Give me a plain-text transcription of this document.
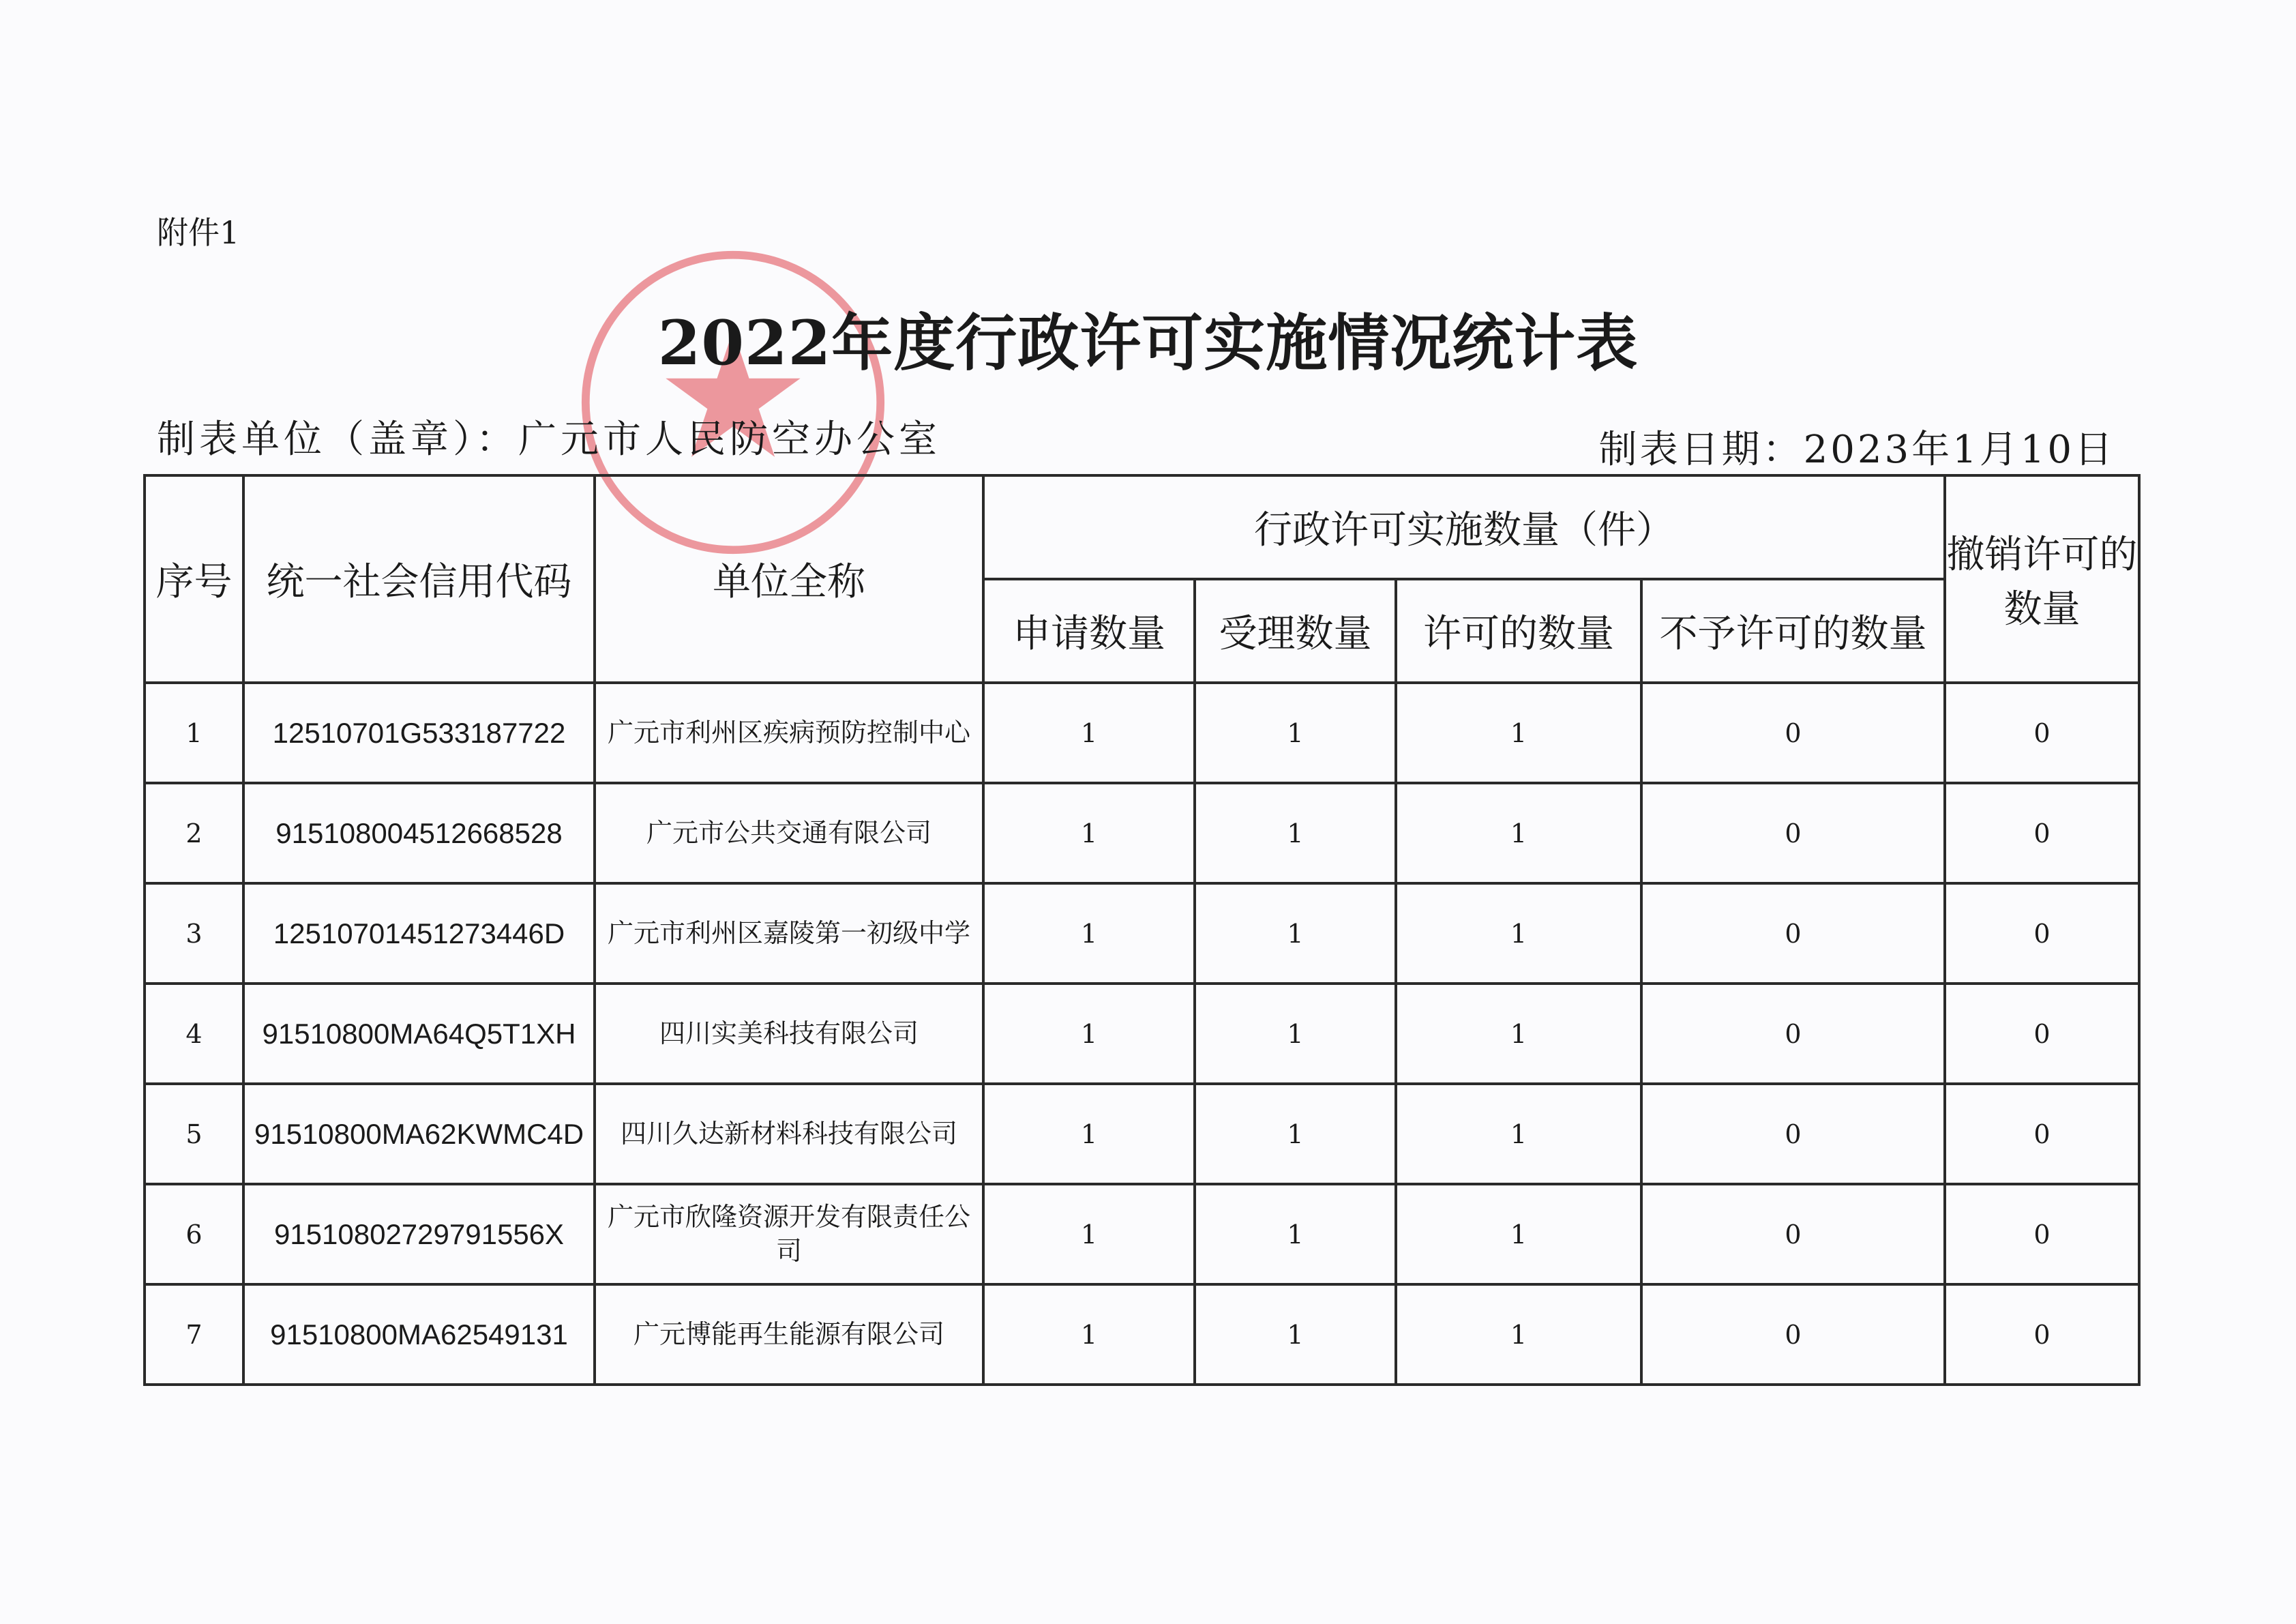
附件1
2022年度行政许可实施情况统计表
制表单位（盖章）：广元市人民防空办公室	制表日期：2023年1月10日
序号	统一社会信用代码	单位全称	行政许可实施数量（件）				撤销许可的数量
			申请数量	受理数量	许可的数量	不予许可的数量	
1	12510701G533187722	广元市利州区疾病预防控制中心	1	1	1	0	0
2	915108004512668528	广元市公共交通有限公司	1	1	1	0	0
3	12510701451273446D	广元市利州区嘉陵第一初级中学	1	1	1	0	0
4	91510800MA64Q5T1XH	四川实美科技有限公司	1	1	1	0	0
5	91510800MA62KWMC4D	四川久达新材料科技有限公司	1	1	1	0	0
6	91510802729791556X	广元市欣隆资源开发有限责任公司	1	1	1	0	0
7	91510800MA62549131	广元博能再生能源有限公司	1	1	1	0	0
